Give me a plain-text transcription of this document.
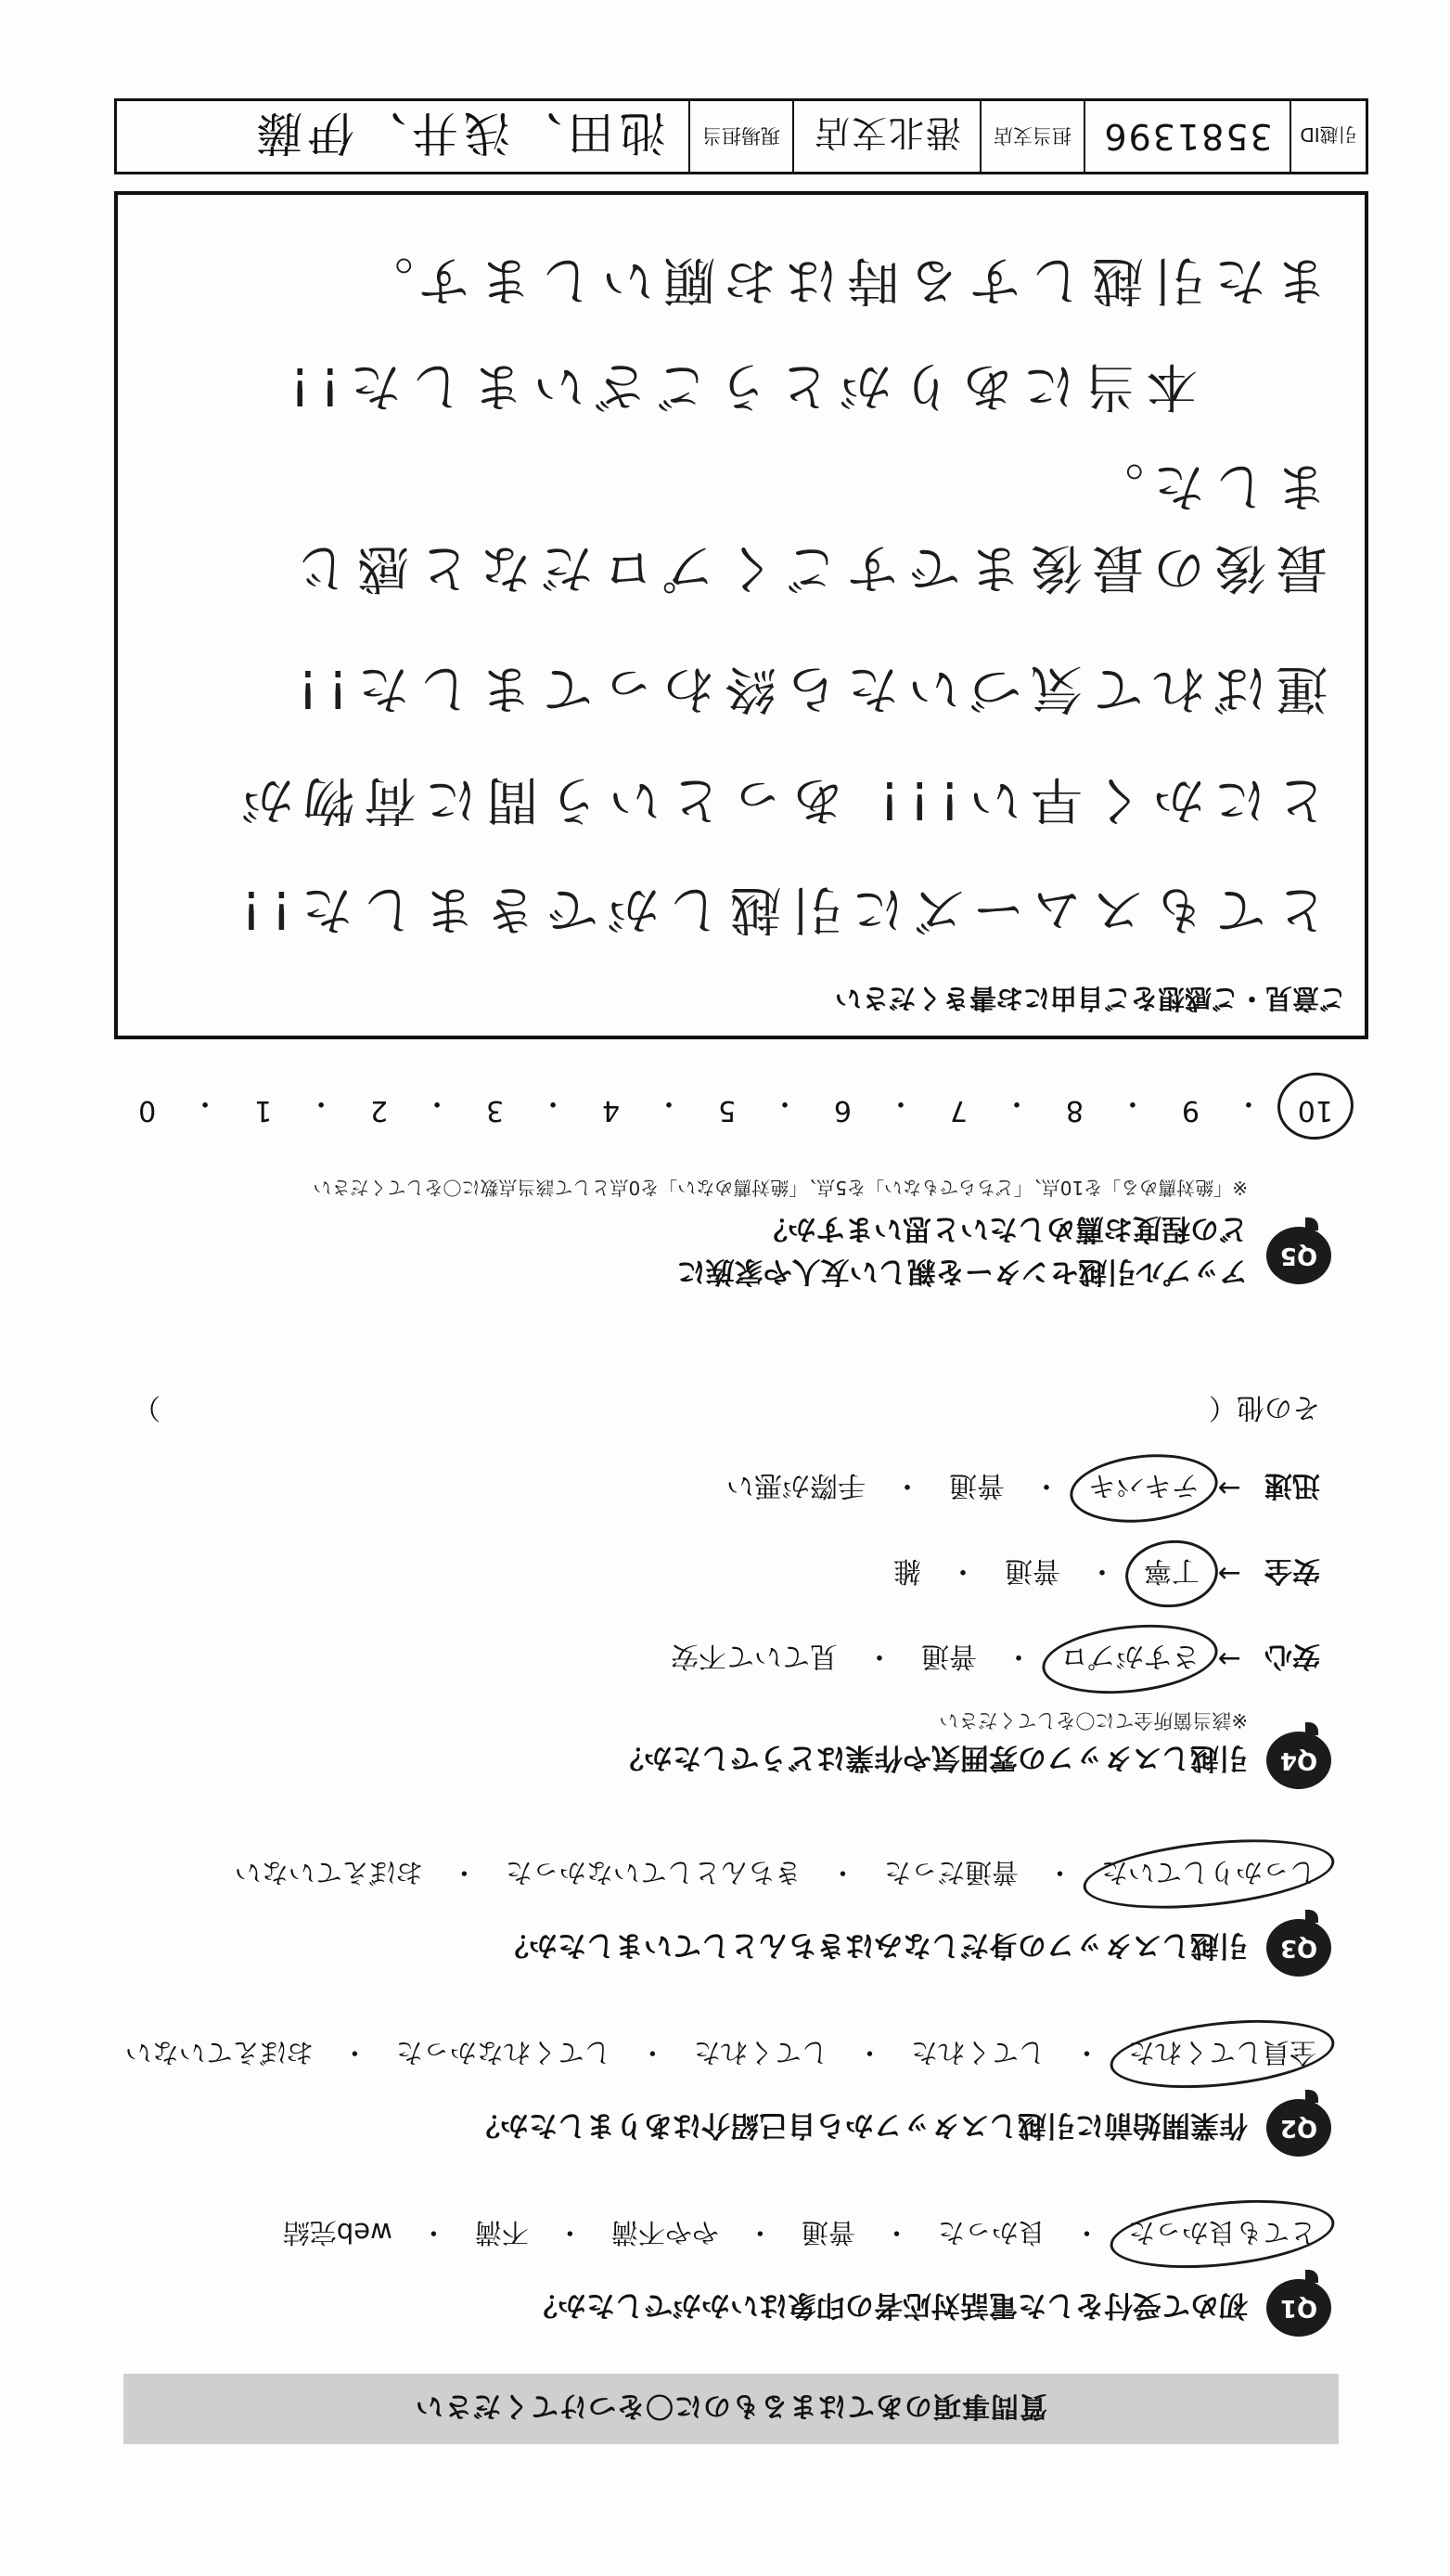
質問事項のあてはまるものに〇をつけてください
Q1
初めて受付をした電話対応者の印象はいかがでしたか？
とても良かった
・
良かった
・
普通
・
やや不満
・
不満
・
web完結
Q2
作業開始前に引越しスタッフから自己紹介はありましたか？
全員してくれた
・
してくれた
・
してくれた
・
してくれなかった
・
おぼえていない
Q3
引越しスタッフの身だしなみはきちんとしていましたか？
しっかりしていた
・
普通だった
・
きちんとしていなかった
・
おぼえていない
Q4
引越しスタッフの雰囲気や作業はどうでしたか？
※該当箇所全てに〇をしてください
安心
→
さすがプロ
・
普通
・
見ていて不安
安全
→
丁寧
・
普通
・
雑
迅速
→
テキパキ
・
普通
・
手際が悪い
その他（
）
Q5
アップル引越センターを親しい友人や家族に
どの程度お薦めしたいと思いますか？
※「絶対薦める」を10点、「どちらでもない」を5点、「絶対薦めない」を0点として該当点数に〇をしてください
10
・
9
・
8
・
7
・
6
・
5
・
4
・
3
・
2
・
1
・
0
ご意見・ご感想をご自由にお書きください
とてもスムーズに引越しができました!!
とにかく早い!!! あっという間に荷物が
運ばれて気づいたら終わってました!!
最後の最後まですごくプロだなと感じ
ました。
本当にありがとうございました!!
また引越しする時はお願いします。
引越ID
3581396
担当支店
港北支店
現場担当
池田、浅井、伊藤
